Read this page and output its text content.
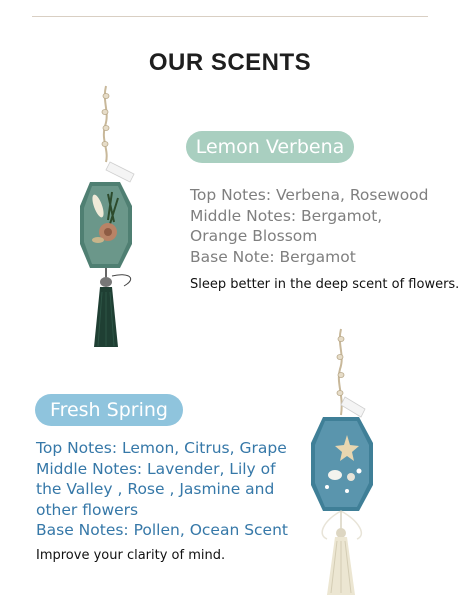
OUR SCENTS
Lemon Verbena
Top Notes: Verbena, Rosewood
Middle Notes: Bergamot,
Orange Blossom
Base Note: Bergamot
Sleep better in the deep scent of flowers.
Fresh Spring
Top Notes: Lemon, Citrus, Grape
Middle Notes: Lavender, Lily of
the Valley , Rose , Jasmine and
other flowers
Base Notes: Pollen, Ocean Scent
Improve your clarity of mind.
